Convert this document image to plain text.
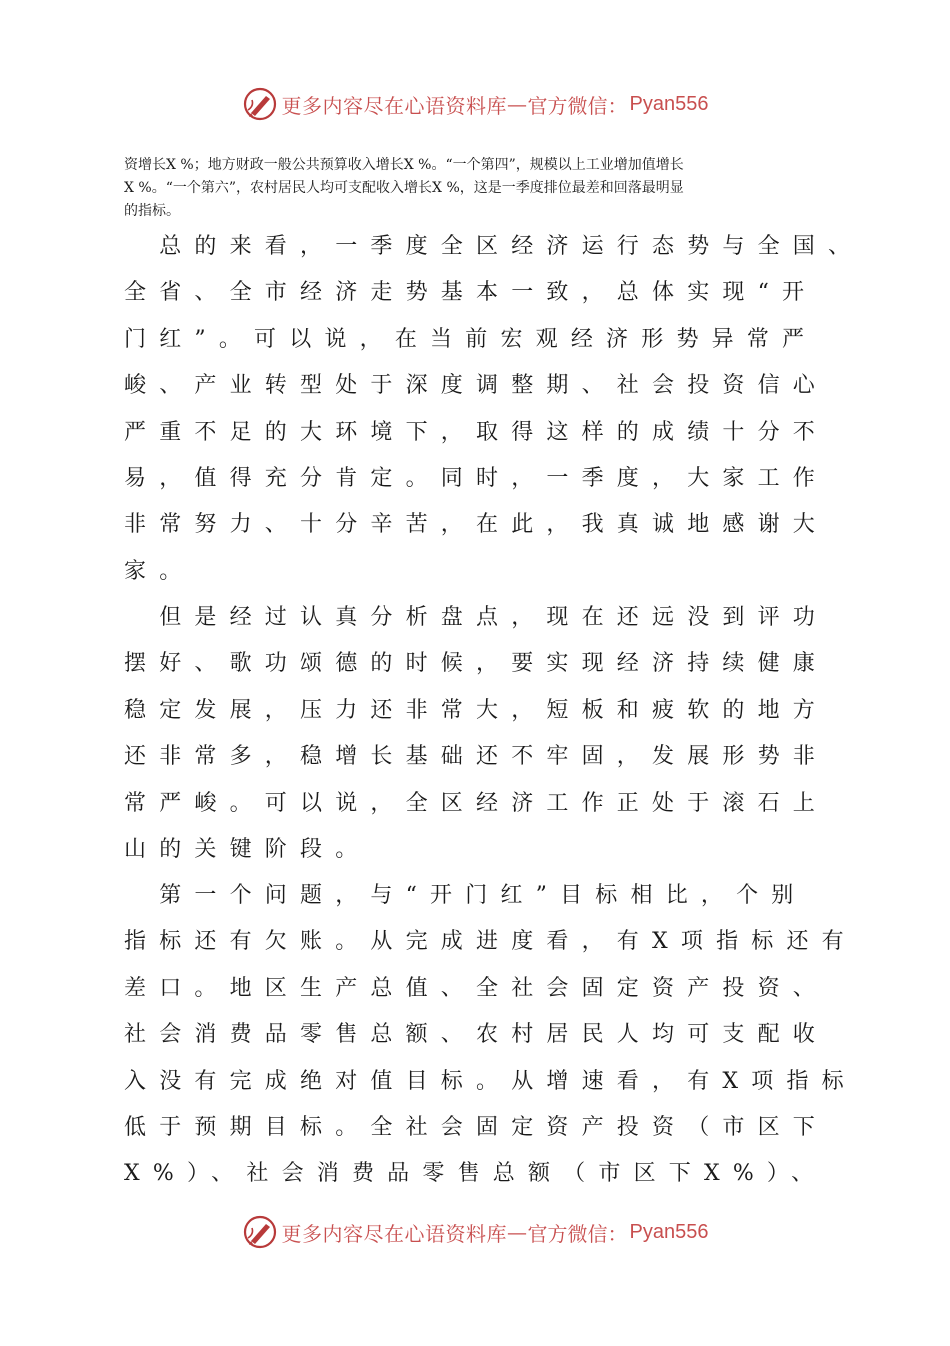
更多内容尽在心语资料库 — 官方微信： Pyan556
资增长X %；地方财政一般公共预算收入增长X %。“一个第四”，规模以上工业增加值增长
X %。“一个第六”，农村居民人均可支配收入增长X %，这是一季度排位最差和回落最明显
的指标。
　总的来看，一季度全区经济运行态势与全国、
全省、全市经济走势基本一致，总体实现“开
门红”。可以说，在当前宏观经济形势异常严
峻、产业转型处于深度调整期、社会投资信心
严重不足的大环境下，取得这样的成绩十分不
易，值得充分肯定。同时，一季度，大家工作
非常努力、十分辛苦，在此，我真诚地感谢大
家。
　但是经过认真分析盘点，现在还远没到评功
摆好、歌功颂德的时候，要实现经济持续健康
稳定发展，压力还非常大，短板和疲软的地方
还非常多，稳增长基础还不牢固，发展形势非
常严峻。可以说，全区经济工作正处于滚石上
山的关键阶段。
　第一个问题，与“开门红”目标相比，个别
指标还有欠账。从完成进度看，有X项指标还有
差口。地区生产总值、全社会固定资产投资、
社会消费品零售总额、农村居民人均可支配收
入没有完成绝对值目标。从增速看，有X项指标
低于预期目标。全社会固定资产投资（市区下
X%）、社会消费品零售总额（市区下X%）、
更多内容尽在心语资料库 — 官方微信： Pyan556
